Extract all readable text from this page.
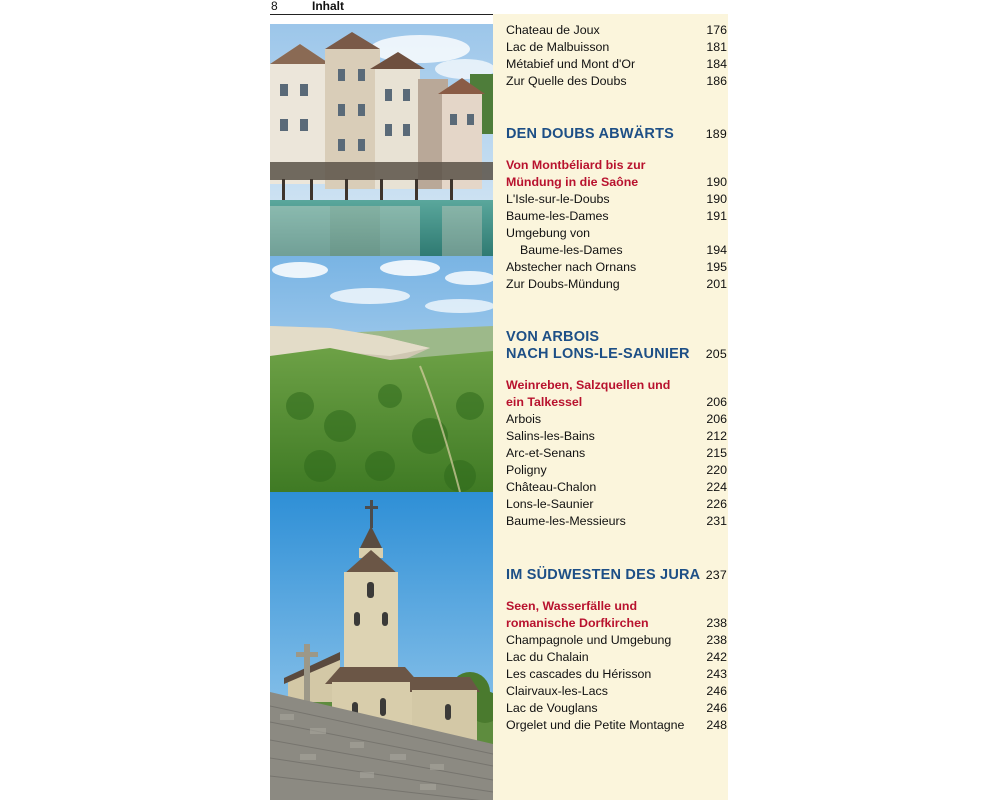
8	Inhalt
Chateau de Joux	176
Lac de Malbuisson	181
Métabief und Mont d'Or	184
Zur Quelle des Doubs	186
DEN DOUBS ABWÄRTS	189
Von Montbéliard bis zur
Mündung in die Saône	190
L'Isle-sur-le-Doubs	190
Baume-les-Dames	191
Umgebung von
Baume-les-Dames	194
Abstecher nach Ornans	195
Zur Doubs-Mündung	201
VON ARBOIS
NACH LONS-LE-SAUNIER	205
Weinreben, Salzquellen und
ein Talkessel	206
Arbois	206
Salins-les-Bains	212
Arc-et-Senans	215
Poligny	220
Château-Chalon	224
Lons-le-Saunier	226
Baume-les-Messieurs	231
IM SÜDWESTEN DES JURA 237
Seen, Wasserfälle und
romanische Dorfkirchen	238
Champagnole und Umgebung	238
Lac du Chalain	242
Les cascades du Hérisson	243
Clairvaux-les-Lacs	246
Lac de Vouglans	246
Orgelet und die Petite Montagne 248
